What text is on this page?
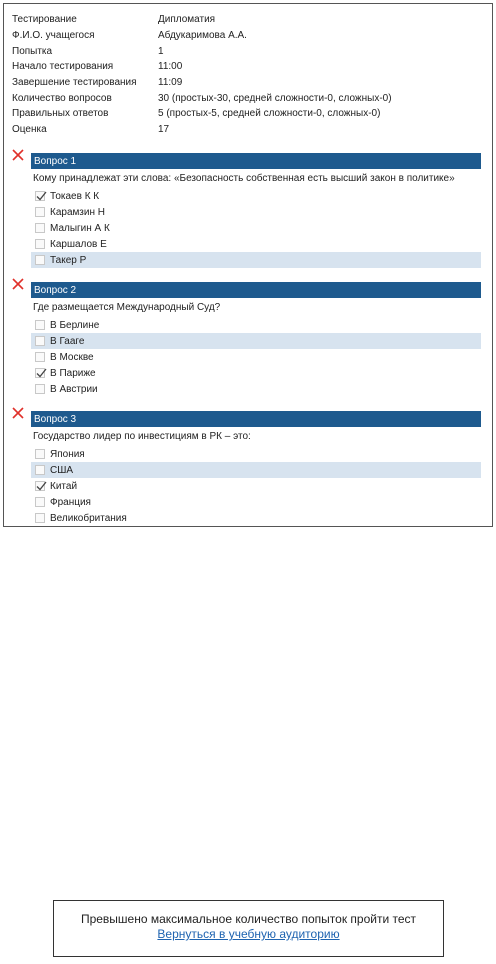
Тестирование	Дипломатия
Ф.И.О. учащегося	Абдукаримова А.А.
Попытка	1
Начало тестирования	11:00
Завершение тестирования	11:09
Количество вопросов	30 (простых-30, средней сложности-0, сложных-0)
Правильных ответов	5 (простых-5, средней сложности-0, сложных-0)
Оценка	17
Вопрос 1
Кому принадлежат эти слова: «Безопасность собственная есть высший закон в политике»
Токаев К К
Карамзин Н
Малыгин А К
Каршалов Е
Такер Р
Вопрос 2
Где размещается Международный Суд?
В Берлине
В Гааге
В Москве
В Париже
В Австрии
Вопрос 3
Государство лидер по инвестициям в РК – это:
Япония
США
Китай
Франция
Великобритания
Превышено максимальное количество попыток пройти тест
Вернуться в учебную аудиторию
